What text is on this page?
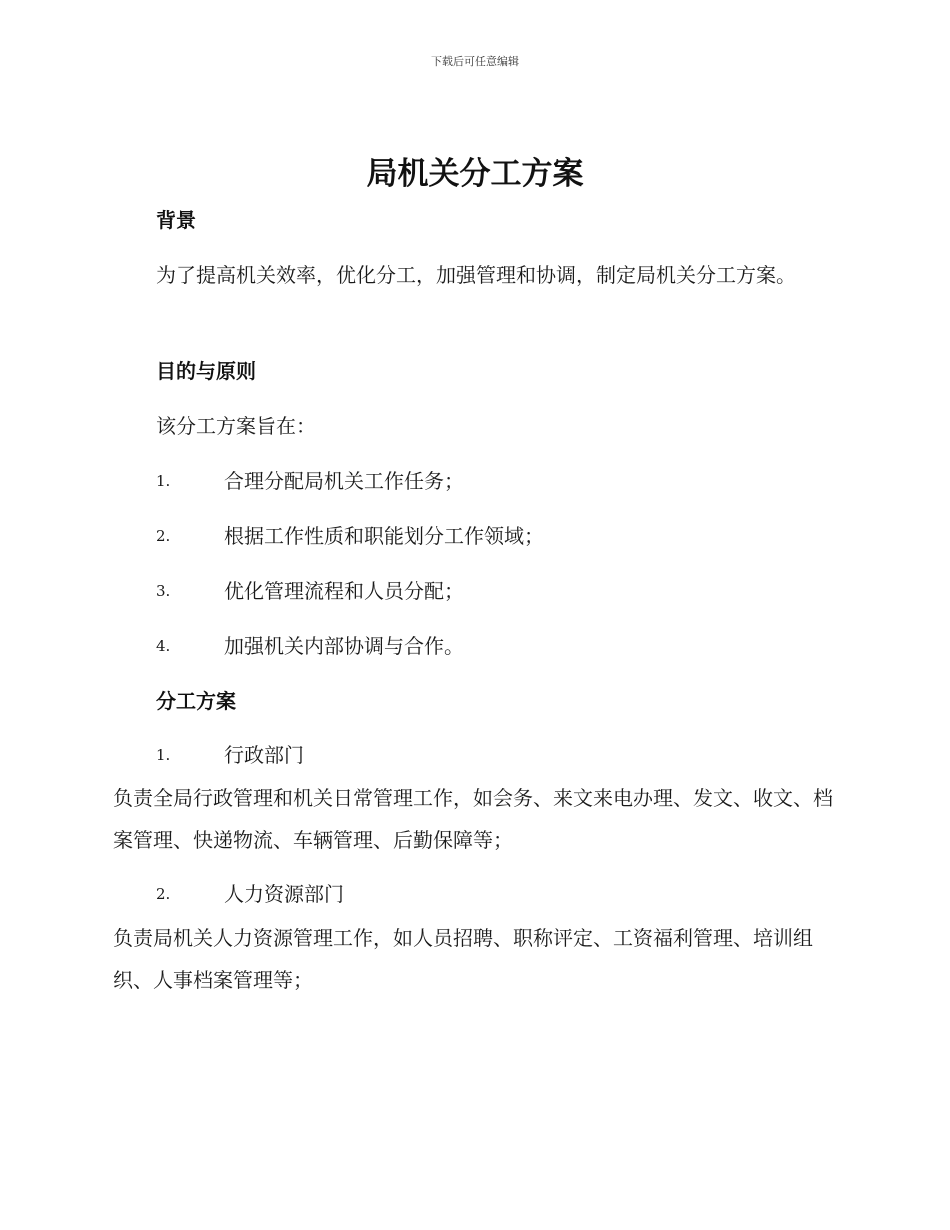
下载后可任意编辑
局机关分工方案
背景

为了提高机关效率，优化分工，加强管理和协调，制定局机关分工方案。

目的与原则

该分工方案旨在：

1.	合理分配局机关工作任务；
2.	根据工作性质和职能划分工作领域；
3.	优化管理流程和人员分配；
4.	加强机关内部协调与合作。
分工方案
1.	行政部门

负责全局行政管理和机关日常管理工作，如会务、来文来电办理、发文、收文、档案管理、快递物流、车辆管理、后勤保障等；

2.	人力资源部门

负责局机关人力资源管理工作，如人员招聘、职称评定、工资福利管理、培训组织、人事档案管理等；
